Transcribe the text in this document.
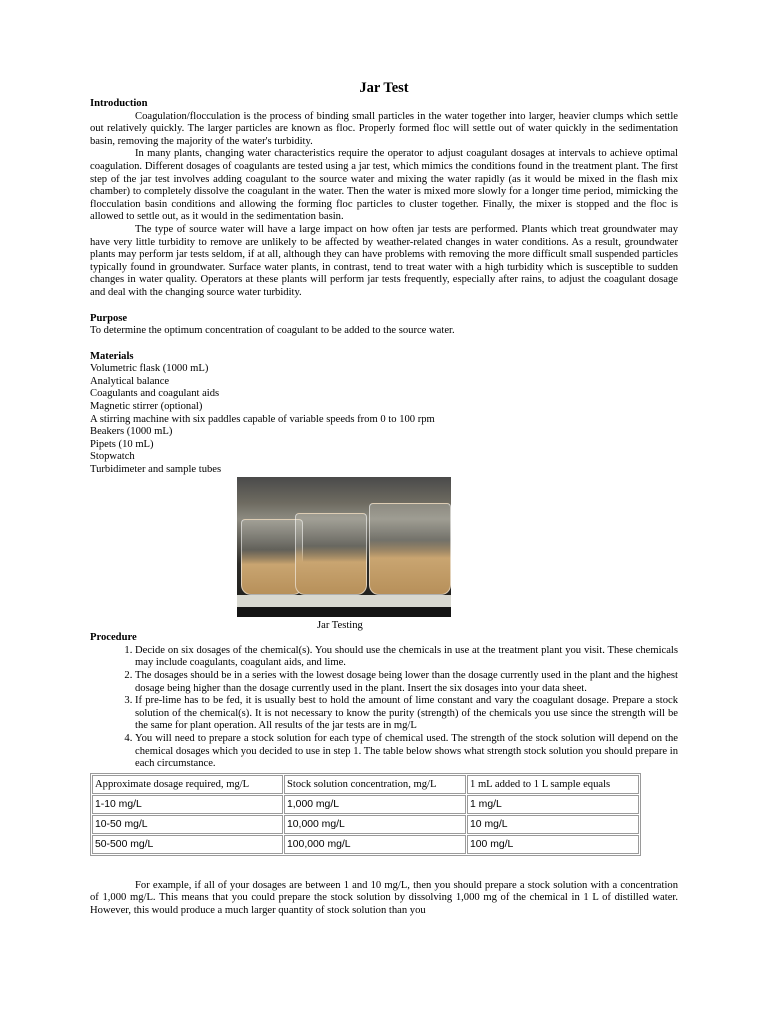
Jar Test
Introduction

Coagulation/flocculation is the process of binding small particles in the water together into larger, heavier clumps which settle out relatively quickly. The larger particles are known as floc. Properly formed floc will settle out of water quickly in the sedimentation basin, removing the majority of the water's turbidity.

In many plants, changing water characteristics require the operator to adjust coagulant dosages at intervals to achieve optimal coagulation. Different dosages of coagulants are tested using a jar test, which mimics the conditions found in the treatment plant. The first step of the jar test involves adding coagulant to the source water and mixing the water rapidly (as it would be mixed in the flash mix chamber) to completely dissolve the coagulant in the water. Then the water is mixed more slowly for a longer time period, mimicking the flocculation basin conditions and allowing the forming floc particles to cluster together. Finally, the mixer is stopped and the floc is allowed to settle out, as it would in the sedimentation basin.

The type of source water will have a large impact on how often jar tests are performed. Plants which treat groundwater may have very little turbidity to remove are unlikely to be affected by weather-related changes in water conditions. As a result, groundwater plants may perform jar tests seldom, if at all, although they can have problems with removing the more difficult small suspended particles typically found in groundwater. Surface water plants, in contrast, tend to treat water with a high turbidity which is susceptible to sudden changes in water quality. Operators at these plants will perform jar tests frequently, especially after rains, to adjust the coagulant dosage and deal with the changing source water turbidity.

Purpose

To determine the optimum concentration of coagulant to be added to the source water.

Materials
Volumetric flask (1000 mL)
Analytical balance
Coagulants and coagulant aids
Magnetic stirrer (optional)
A stirring machine with six paddles capable of variable speeds from 0 to 100 rpm
Beakers (1000 mL)
Pipets (10 mL)
Stopwatch
Turbidimeter and sample tubes
Jar Testing
Procedure
1. Decide on six dosages of the chemical(s). You should use the chemicals in use at the treatment plant you visit. These chemicals may include coagulants, coagulant aids, and lime.
2. The dosages should be in a series with the lowest dosage being lower than the dosage currently used in the plant and the highest dosage being higher than the dosage currently used in the plant. Insert the six dosages into your data sheet.
3. If pre-lime has to be fed, it is usually best to hold the amount of lime constant and vary the coagulant dosage. Prepare a stock solution of the chemical(s). It is not necessary to know the purity (strength) of the chemicals you use since the strength will be the same for plant operation. All results of the jar tests are in mg/L
4. You will need to prepare a stock solution for each type of chemical used. The strength of the stock solution will depend on the chemical dosages which you decided to use in step 1. The table below shows what strength stock solution you should prepare in each circumstance.
Approximate dosage required, mg/L	Stock solution concentration, mg/L	1 mL added to 1 L sample equals
1-10 mg/L	1,000 mg/L	1 mg/L
10-50 mg/L	10,000 mg/L	10 mg/L
50-500 mg/L	100,000 mg/L	100 mg/L

For example, if all of your dosages are between 1 and 10 mg/L, then you should prepare a stock solution with a concentration of 1,000 mg/L. This means that you could prepare the stock solution by dissolving 1,000 mg of the chemical in 1 L of distilled water. However, this would produce a much larger quantity of stock solution than you
